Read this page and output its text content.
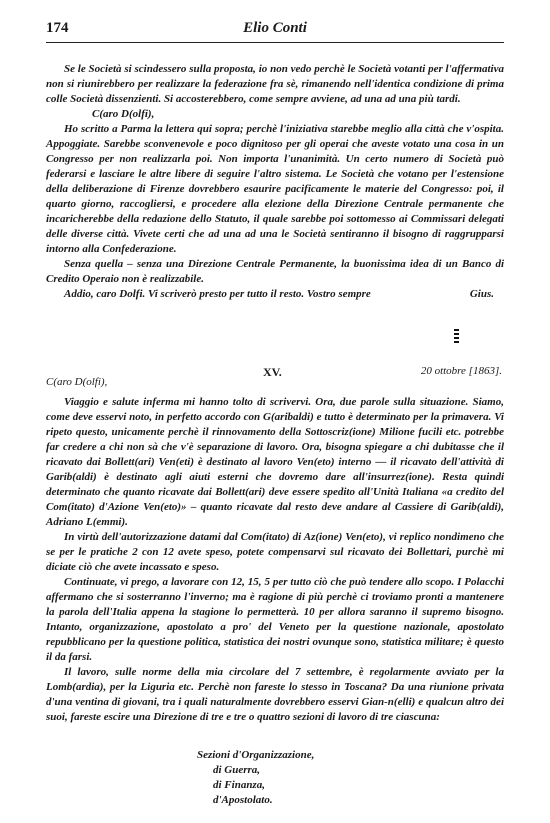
174	Elio Conti

Se le Società si scindessero sulla proposta, io non vedo perchè le Società votanti per l'affermativa non si riunirebbero per realizzare la federazione fra sè, rimanendo nell'identica condizione di prima colle Società dissenzienti. Si accosterebbero, come sempre avviene, ad una ad una più tardi.

C(aro D(olfi),

Ho scritto a Parma la lettera qui sopra; perchè l'iniziativa starebbe meglio alla città che v'ospita. Appoggiate. Sarebbe sconvenevole e poco dignitoso per gli operai che aveste votato una cosa in un Congresso per non realizzarla poi. Non importa l'unanimità. Un certo numero di Società può federarsi e lasciare le altre libere di seguire l'altro sistema. Le Società che votano per l'estensione della deliberazione di Firenze dovrebbero esaurire pacificamente le materie del Congresso: poi, il quarto giorno, raccogliersi, e procedere alla elezione della Direzione Centrale permanente che incaricherebbe della redazione dello Statuto, il quale sarebbe poi sottomesso ai Commissari delegati delle diverse città. Vivete certi che ad una ad una le Società sentiranno il bisogno di raggrupparsi intorno alla Confederazione.

Senza quella – senza una Direzione Centrale Permanente, la buonissima idea di un Banco di Credito Operaio non è realizzabile.

Addio, caro Dolfi. Vi scriverò presto per tutto il resto. Vostro sempre	Gius.

XV.	20 ottobre [1863].
C(aro D(olfi),

Viaggio e salute inferma mi hanno tolto di scrivervi. Ora, due parole sulla situazione. Siamo, come deve esservi noto, in perfetto accordo con G(aribaldi) e tutto è determinato per la primavera. Vi ripeto questo, unicamente perchè il rinnovamento della Sottoscriz(ione) Milione fucili etc. potrebbe far credere a chi non sà che v'è separazione di lavoro. Ora, bisogna spiegare a chi dubitasse che il ricavato dai Bollett(ari) Ven(eti) è destinato al lavoro Ven(eto) interno — il ricavato dell'attività di Garib(aldi) è destinato agli aiuti esterni che dovremo dare all'insurrez(ione). Resta quindi determinato che quanto ricavate dai Bollett(ari) deve essere spedito all'Unità Italiana «a credito del Com(itato) d'Azione Ven(eto)» – quanto ricavate dal resto deve andare al Cassiere di Garib(aldi), Adriano L(emmi).

In virtù dell'autorizzazione datami dal Com(itato) di Az(ione) Ven(eto), vi replico nondimeno che se per le pratiche 2 con 12 avete speso, potete compensarvi sul ricavato dei Bollettari, purchè mi diciate ciò che avete incassato e speso.

Continuate, vi prego, a lavorare con 12, 15, 5 per tutto ciò che può tendere allo scopo. I Polacchi affermano che si sosterranno l'inverno; ma è ragione di più perchè ci troviamo pronti a mantenere la parola dell'Italia appena la stagione lo permetterà. 10 per allora saranno il supremo bisogno. Intanto, organizzazione, apostolato a pro' del Veneto per la questione nazionale, apostolato repubblicano per la questione politica, statistica dei nostri ovunque sono, statistica militare; è questo il da farsi.

Il lavoro, sulle norme della mia circolare del 7 settembre, è regolarmente avviato per la Lomb(ardia), per la Liguria etc. Perchè non fareste lo stesso in Toscana? Da una riunione privata d'una ventina di giovani, tra i quali naturalmente dovrebbero esservi Gian-n(elli) e qualcun altro dei suoi, fareste escire una Direzione di tre e tre o quattro sezioni di lavoro di tre ciascuna:

Sezioni d'Organizzazione,
di Guerra,
di Finanza,
d'Apostolato.
